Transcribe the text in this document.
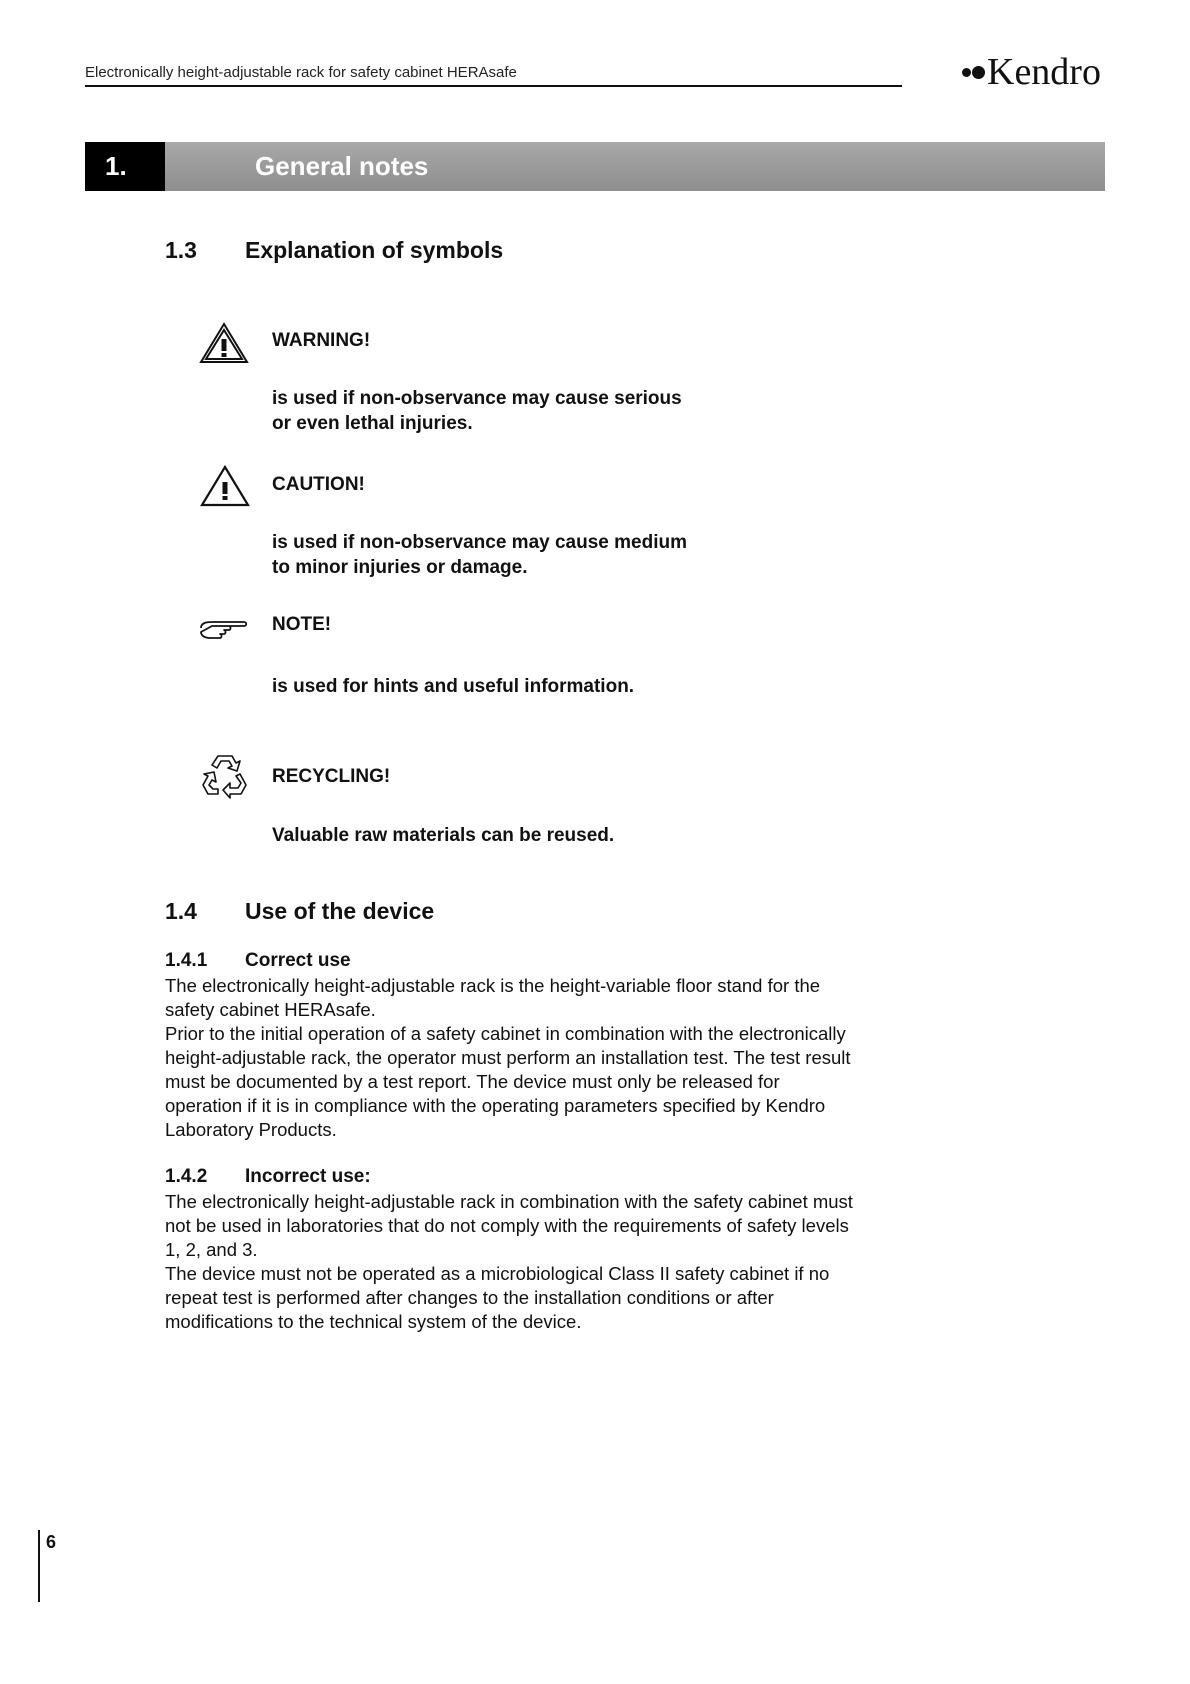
Electronically height-adjustable rack for safety cabinet HERAsafe	Kendro
1.	General notes
1.3 Explanation of symbols
WARNING!
is used if non-observance may cause serious
or even lethal injuries.
CAUTION!
is used if non-observance may cause medium
to minor injuries or damage.
NOTE!
is used for hints and useful information.
RECYCLING!
Valuable raw materials can be reused.
1.4 Use of the device
1.4.1 Correct use

The electronically height-adjustable rack is the height-variable floor stand for the safety cabinet HERAsafe.

Prior to the initial operation of a safety cabinet in combination with the electronically height-adjustable rack, the operator must perform an installation test. The test result must be documented by a test report. The device must only be released for operation if it is in compliance with the operating parameters specified by Kendro Laboratory Products.

1.4.2 Incorrect use:

The electronically height-adjustable rack in combination with the safety cabinet must not be used in laboratories that do not comply with the requirements of safety levels 1, 2, and 3.

The device must not be operated as a microbiological Class II safety cabinet if no repeat test is performed after changes to the installation conditions or after modifications to the technical system of the device.

6
